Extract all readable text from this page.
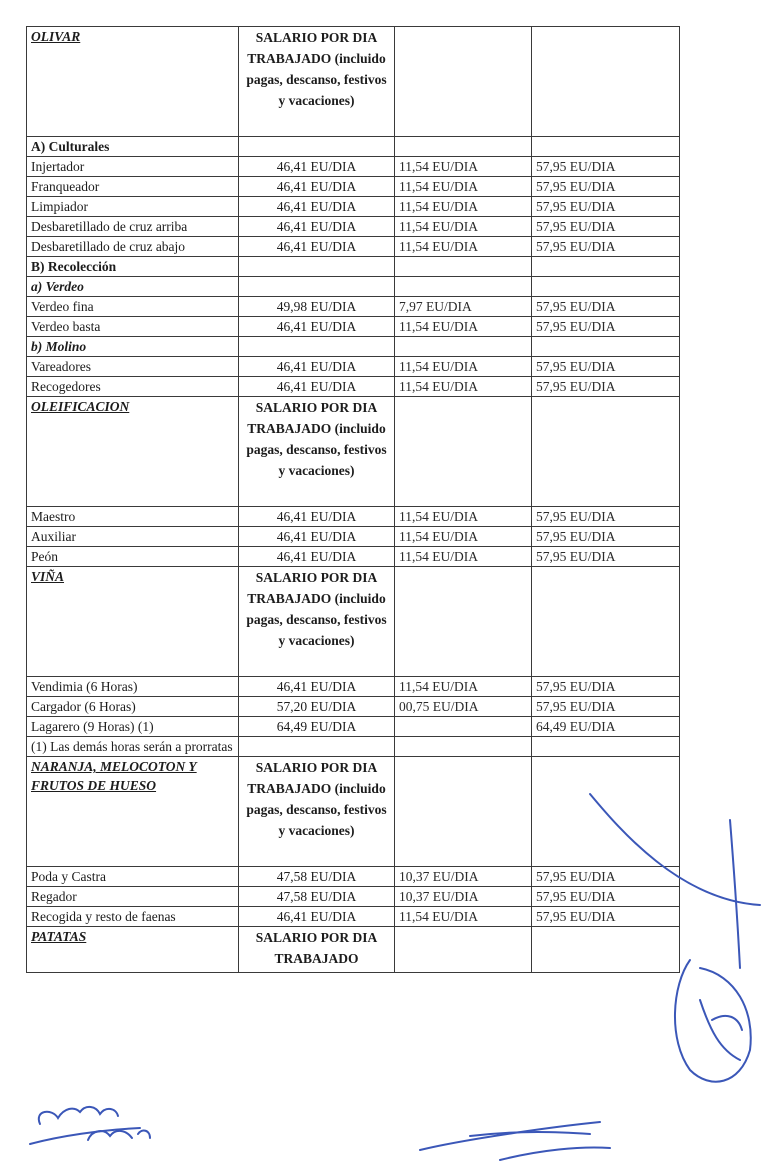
OLIVAR	SALARIO POR DIA TRABAJADO (incluido pagas, descanso, festivos y vacaciones)		
A) Culturales			
Injertador	46,41 EU/DIA	11,54 EU/DIA	57,95 EU/DIA
Franqueador	46,41 EU/DIA	11,54 EU/DIA	57,95 EU/DIA
Limpiador	46,41 EU/DIA	11,54 EU/DIA	57,95 EU/DIA
Desbaretillado de cruz arriba	46,41 EU/DIA	11,54 EU/DIA	57,95 EU/DIA
Desbaretillado de cruz abajo	46,41 EU/DIA	11,54 EU/DIA	57,95 EU/DIA
B) Recolección			
a) Verdeo			
Verdeo fina	49,98 EU/DIA	7,97 EU/DIA	57,95 EU/DIA
Verdeo basta	46,41 EU/DIA	11,54 EU/DIA	57,95 EU/DIA
b) Molino			
Vareadores	46,41 EU/DIA	11,54 EU/DIA	57,95 EU/DIA
Recogedores	46,41 EU/DIA	11,54 EU/DIA	57,95 EU/DIA
OLEIFICACION	SALARIO POR DIA TRABAJADO (incluido pagas, descanso, festivos y vacaciones)		
Maestro	46,41 EU/DIA	11,54 EU/DIA	57,95 EU/DIA
Auxiliar	46,41 EU/DIA	11,54 EU/DIA	57,95 EU/DIA
Peón	46,41 EU/DIA	11,54 EU/DIA	57,95 EU/DIA
VIÑA	SALARIO POR DIA TRABAJADO (incluido pagas, descanso, festivos y vacaciones)		
Vendimia (6 Horas)	46,41 EU/DIA	11,54 EU/DIA	57,95 EU/DIA
Cargador (6 Horas)	57,20 EU/DIA	00,75 EU/DIA	57,95 EU/DIA
Lagarero (9 Horas) (1)	64,49 EU/DIA		64,49 EU/DIA
(1) Las demás horas serán a prorratas			
NARANJA, MELOCOTON Y FRUTOS DE HUESO	SALARIO POR DIA TRABAJADO (incluido pagas, descanso, festivos y vacaciones)		
Poda y Castra	47,58 EU/DIA	10,37 EU/DIA	57,95 EU/DIA
Regador	47,58 EU/DIA	10,37 EU/DIA	57,95 EU/DIA
Recogida y resto de faenas	46,41 EU/DIA	11,54 EU/DIA	57,95 EU/DIA
PATATAS	SALARIO POR DIA TRABAJADO		
